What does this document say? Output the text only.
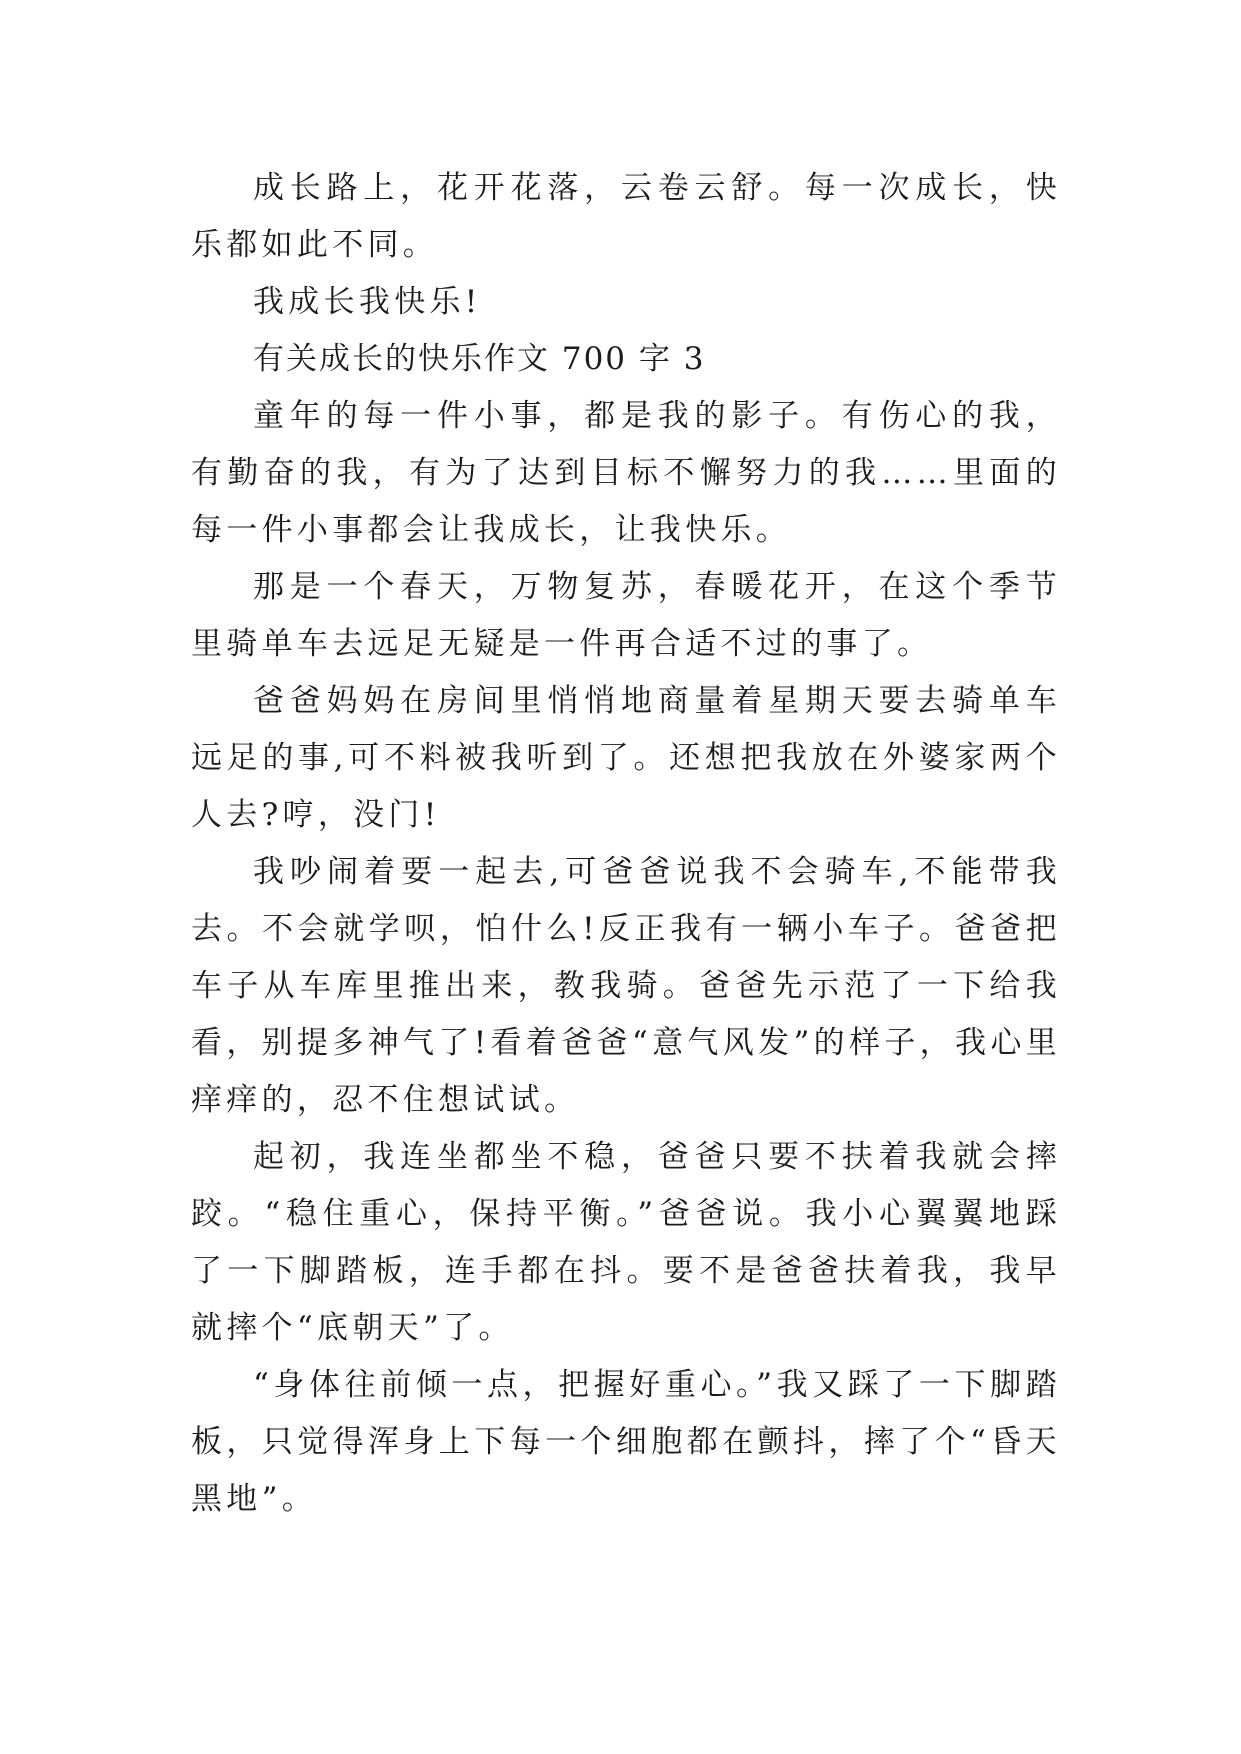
成长路上，花开花落，云卷云舒。每一次成长，快乐都如此不同。

我成长我快乐!

有关成长的快乐作文 700 字 3

童年的每一件小事，都是我的影子。有伤心的我，有勤奋的我，有为了达到目标不懈努力的我……里面的每一件小事都会让我成长，让我快乐。

那是一个春天，万物复苏，春暖花开，在这个季节里骑单车去远足无疑是一件再合适不过的事了。

爸爸妈妈在房间里悄悄地商量着星期天要去骑单车远足的事,可不料被我听到了。还想把我放在外婆家两个人去?哼，没门!

我吵闹着要一起去,可爸爸说我不会骑车,不能带我去。不会就学呗，怕什么!反正我有一辆小车子。爸爸把车子从车库里推出来，教我骑。爸爸先示范了一下给我看，别提多神气了!看着爸爸“意气风发”的样子，我心里痒痒的，忍不住想试试。

起初，我连坐都坐不稳，爸爸只要不扶着我就会摔跤。“稳住重心，保持平衡。”爸爸说。我小心翼翼地踩了一下脚踏板，连手都在抖。要不是爸爸扶着我，我早就摔个“底朝天”了。

“身体往前倾一点，把握好重心。”我又踩了一下脚踏板，只觉得浑身上下每一个细胞都在颤抖，摔了个“昏天黑地”。
